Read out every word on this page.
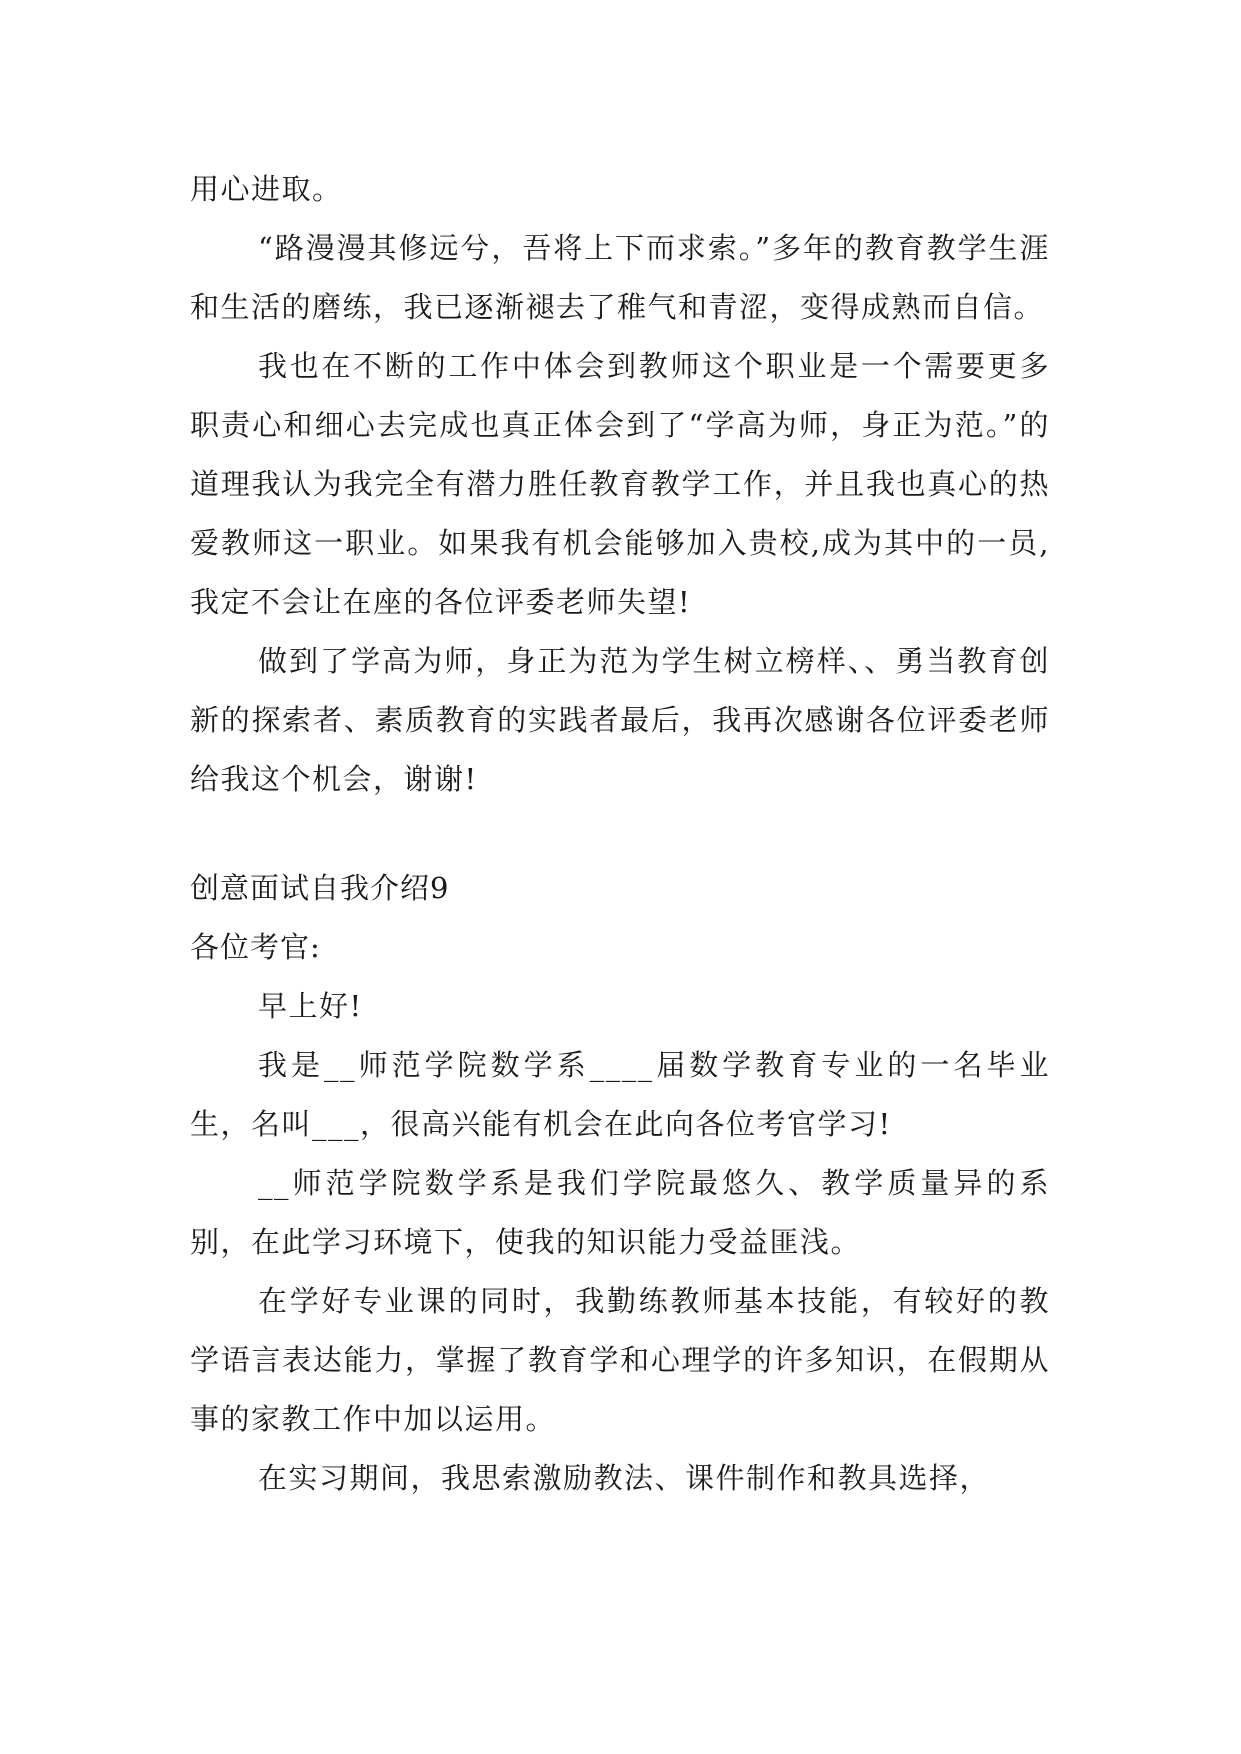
用心进取。

“路漫漫其修远兮，吾将上下而求索。”多年的教育教学生涯和生活的磨练，我已逐渐褪去了稚气和青涩，变得成熟而自信。

我也在不断的工作中体会到教师这个职业是一个需要更多职责心和细心去完成也真正体会到了“学高为师，身正为范。”的道理我认为我完全有潜力胜任教育教学工作，并且我也真心的热爱教师这一职业。如果我有机会能够加入贵校,成为其中的一员,我定不会让在座的各位评委老师失望!

做到了学高为师，身正为范为学生树立榜样、、勇当教育创新的探索者、素质教育的实践者最后，我再次感谢各位评委老师给我这个机会，谢谢!

创意面试自我介绍9

各位考官:

早上好!

我是__师范学院数学系____届数学教育专业的一名毕业生，名叫___，很高兴能有机会在此向各位考官学习!

__师范学院数学系是我们学院最悠久、教学质量异的系别，在此学习环境下，使我的知识能力受益匪浅。

在学好专业课的同时，我勤练教师基本技能，有较好的教学语言表达能力，掌握了教育学和心理学的许多知识，在假期从事的家教工作中加以运用。

在实习期间，我思索激励教法、课件制作和教具选择，
